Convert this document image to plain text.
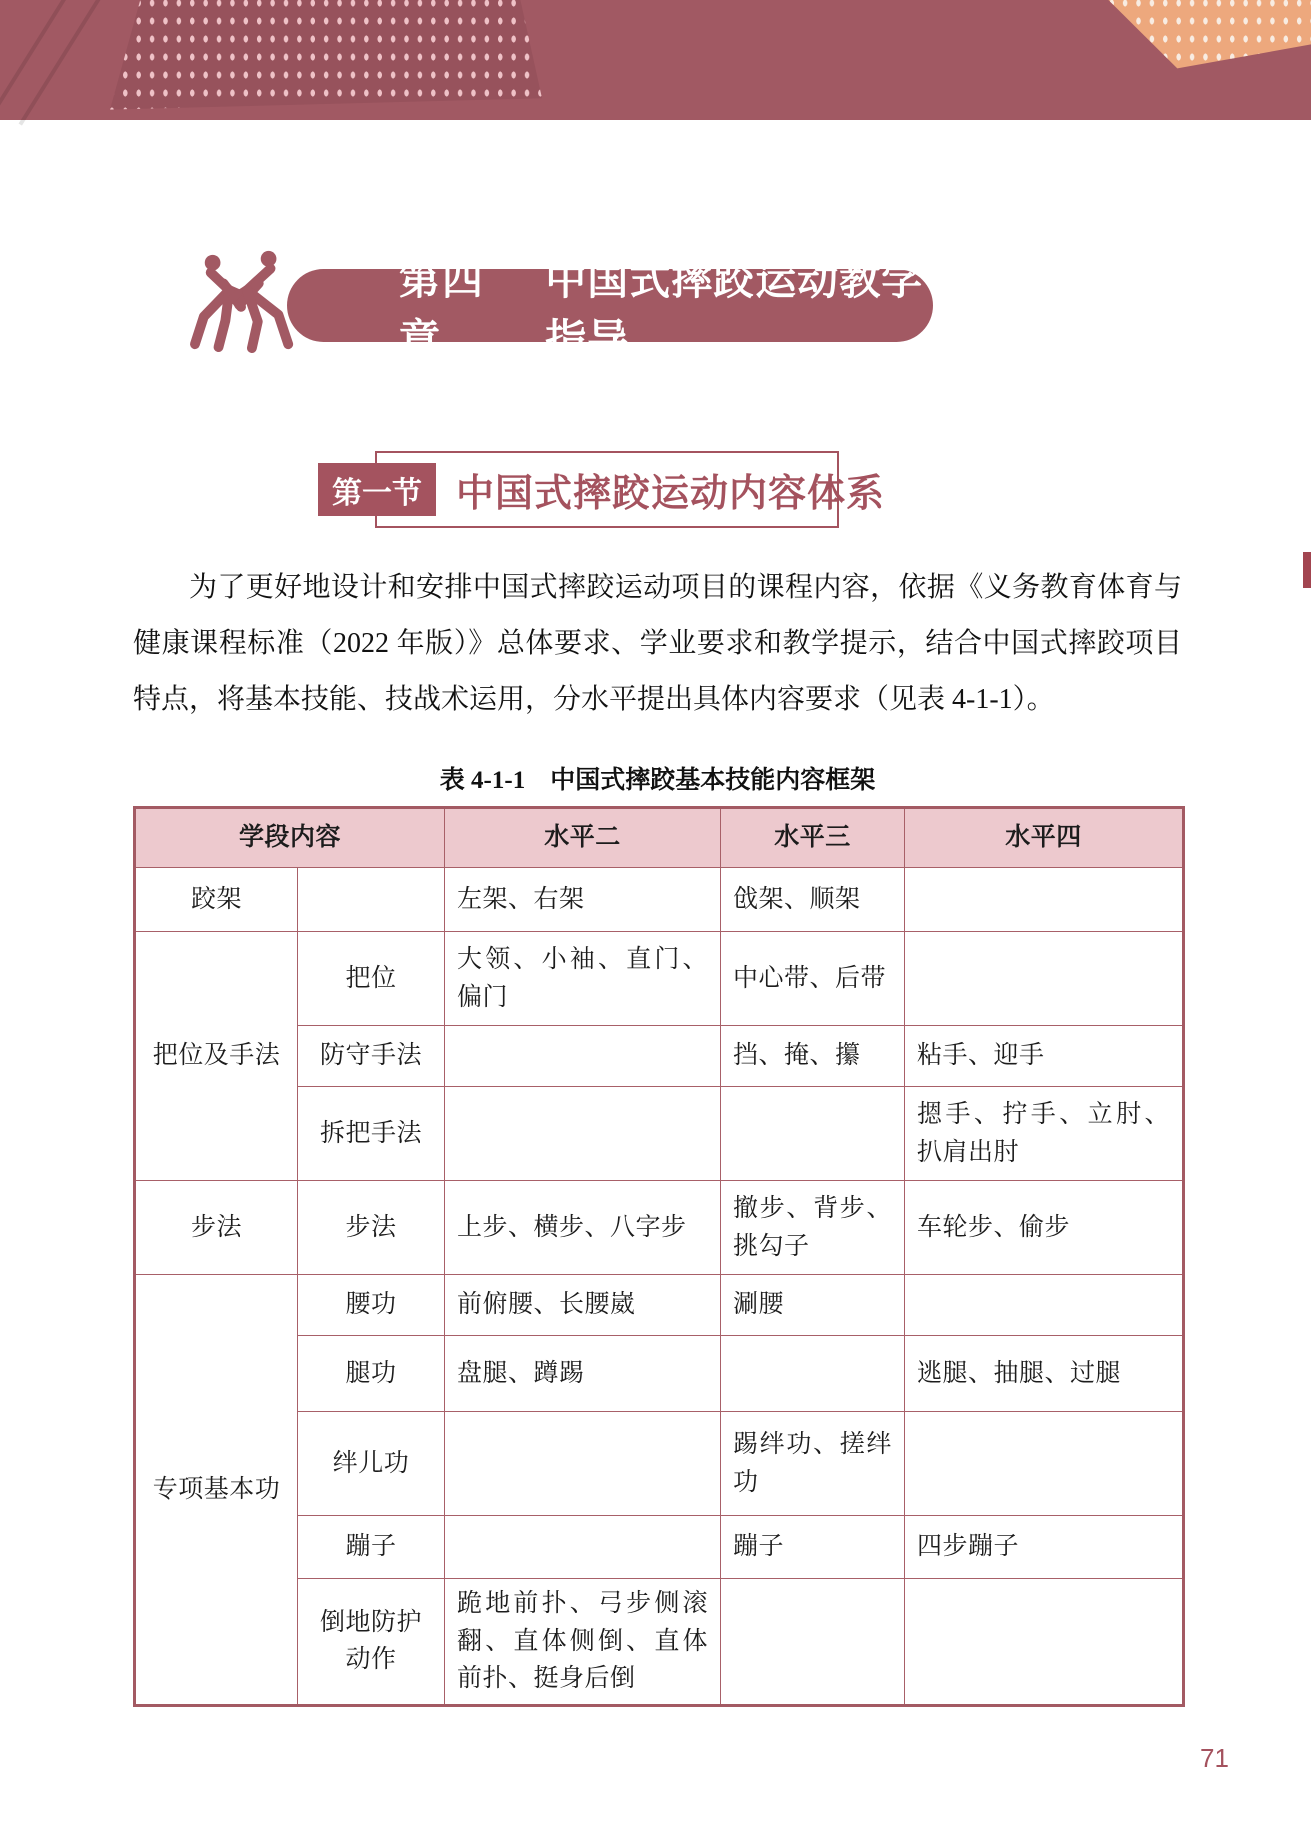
第四章
中国式摔跤运动教学指导
第一节 中国式摔跤运动内容体系
为了更好地设计和安排中国式摔跤运动项目的课程内容，依据《义务教育体育与健康课程标准（2022 年版）》总体要求、学业要求和教学提示，结合中国式摔跤项目特点，将基本技能、技战术运用，分水平提出具体内容要求（见表 4-1-1）。
表 4-1-1　中国式摔跤基本技能内容框架
学段内容		水平二	水平三	水平四
跤架		左架、右架	戗架、顺架	
把位及手法	把位	大领、小袖、直门、偏门	中心带、后带	
	防守手法		挡、掩、攥	粘手、迎手
	拆把手法			摁手、拧手、立肘、扒肩出肘
步法	步法	上步、横步、八字步	撤步、背步、挑勾子	车轮步、偷步
专项基本功	腰功	前俯腰、长腰崴	涮腰	
	腿功	盘腿、蹲踢		逃腿、抽腿、过腿
	绊儿功		踢绊功、搓绊功	
	蹦子		蹦子	四步蹦子
	倒地防护动作	跪地前扑、弓步侧滚翻、直体侧倒、直体前扑、挺身后倒		
71
